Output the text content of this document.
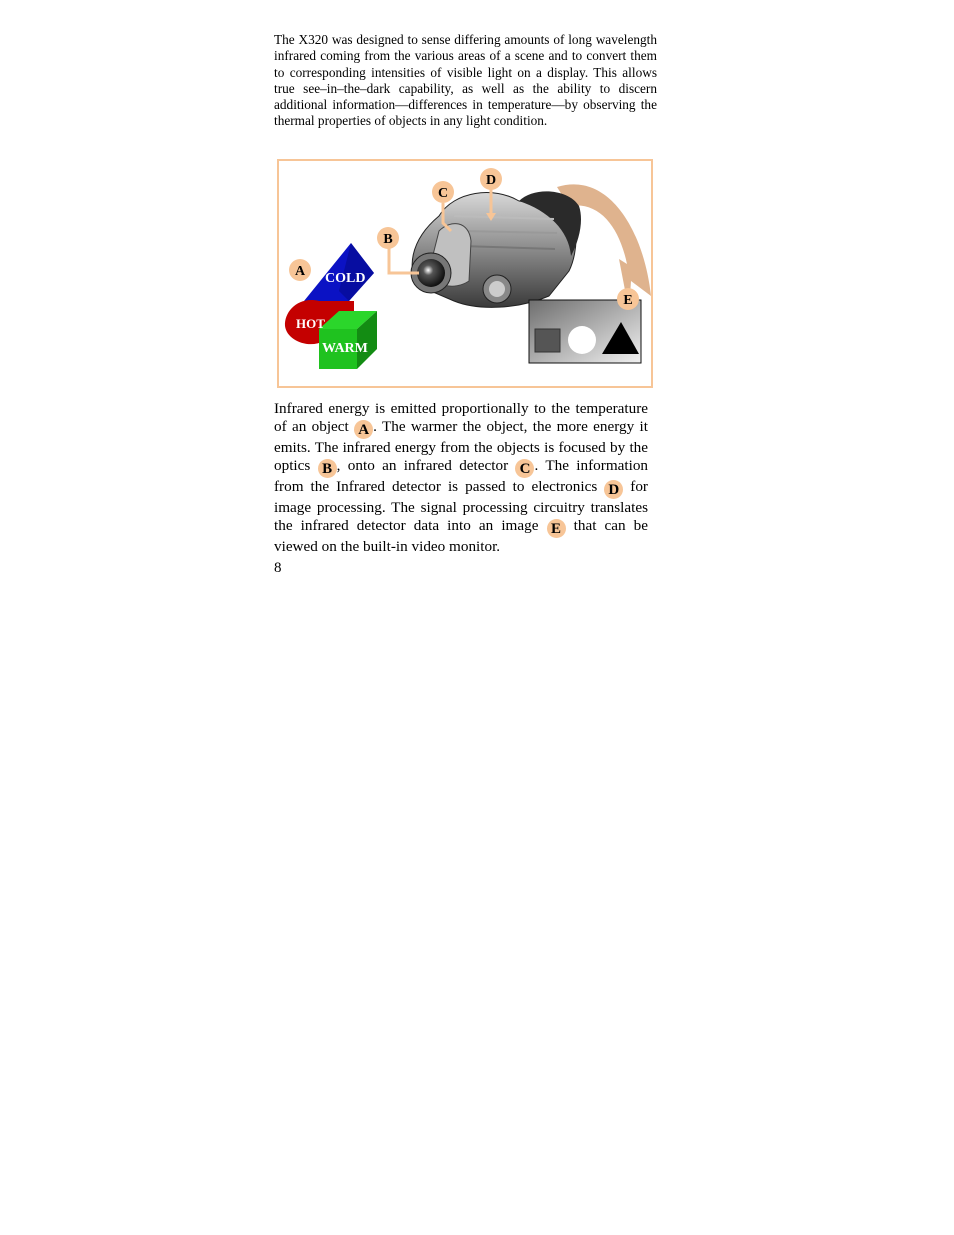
The X320 was designed to sense differing amounts of long wavelength infrared coming from the various areas of a scene and to convert them to corresponding intensities of visible light on a display. This allows true see–in–the–dark capability, as well as the ability to discern additional information—differences in temperature—by observing the thermal properties of objects in any light condition.

COLD
HOT
WARM
A
B
C
D
E

Infrared energy is emitted proportionally to the temperature of an object A . The warmer the object, the more energy it emits. The infrared energy from the objects is focused by the optics B , onto an infrared detector C . The information from the Infrared detector is passed to electronics D for image processing. The signal processing circuitry translates the infrared detector data into an image E that can be viewed on the built-in video monitor.

8
